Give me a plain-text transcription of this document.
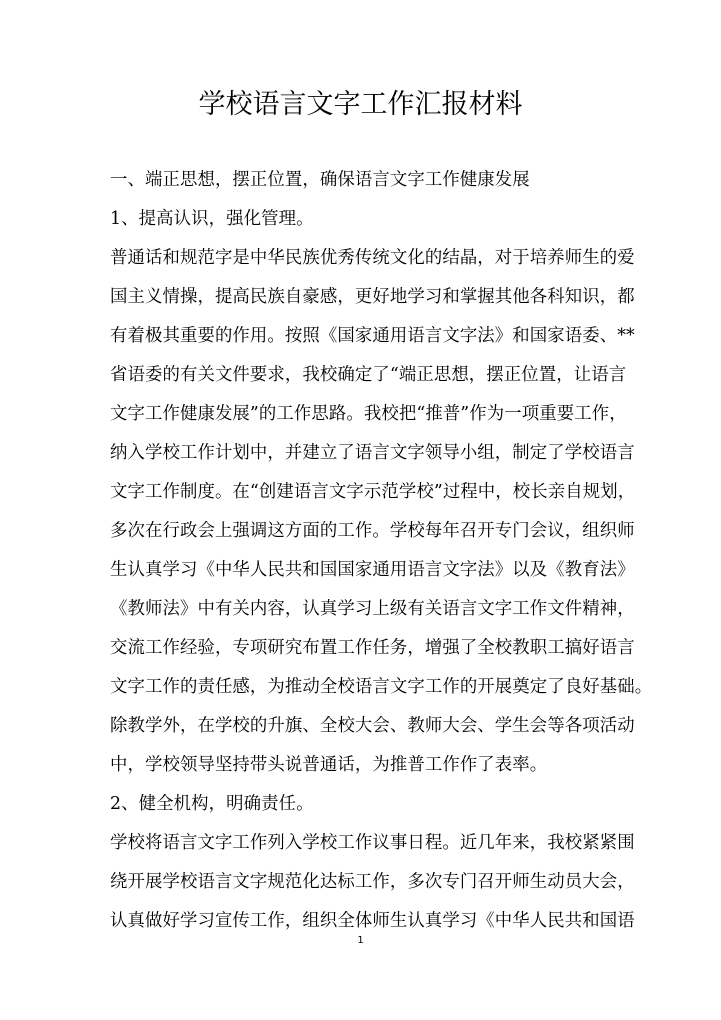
学校语言文字工作汇报材料
一、端正思想，摆正位置，确保语言文字工作健康发展
1、提高认识，强化管理。
普通话和规范字是中华民族优秀传统文化的结晶，对于培养师生的爱
国主义情操，提高民族自豪感，更好地学习和掌握其他各科知识，都
有着极其重要的作用。按照《国家通用语言文字法》和国家语委、**
省语委的有关文件要求，我校确定了“端正思想，摆正位置，让语言
文字工作健康发展”的工作思路。我校把“推普”作为一项重要工作，
纳入学校工作计划中，并建立了语言文字领导小组，制定了学校语言
文字工作制度。在“创建语言文字示范学校”过程中，校长亲自规划，
多次在行政会上强调这方面的工作。学校每年召开专门会议，组织师
生认真学习《中华人民共和国国家通用语言文字法》以及《教育法》
《教师法》中有关内容，认真学习上级有关语言文字工作文件精神，
交流工作经验，专项研究布置工作任务，增强了全校教职工搞好语言
文字工作的责任感，为推动全校语言文字工作的开展奠定了良好基础。
除教学外，在学校的升旗、全校大会、教师大会、学生会等各项活动
中，学校领导坚持带头说普通话，为推普工作作了表率。
2、健全机构，明确责任。
学校将语言文字工作列入学校工作议事日程。近几年来，我校紧紧围
绕开展学校语言文字规范化达标工作，多次专门召开师生动员大会，
认真做好学习宣传工作，组织全体师生认真学习《中华人民共和国语
1
